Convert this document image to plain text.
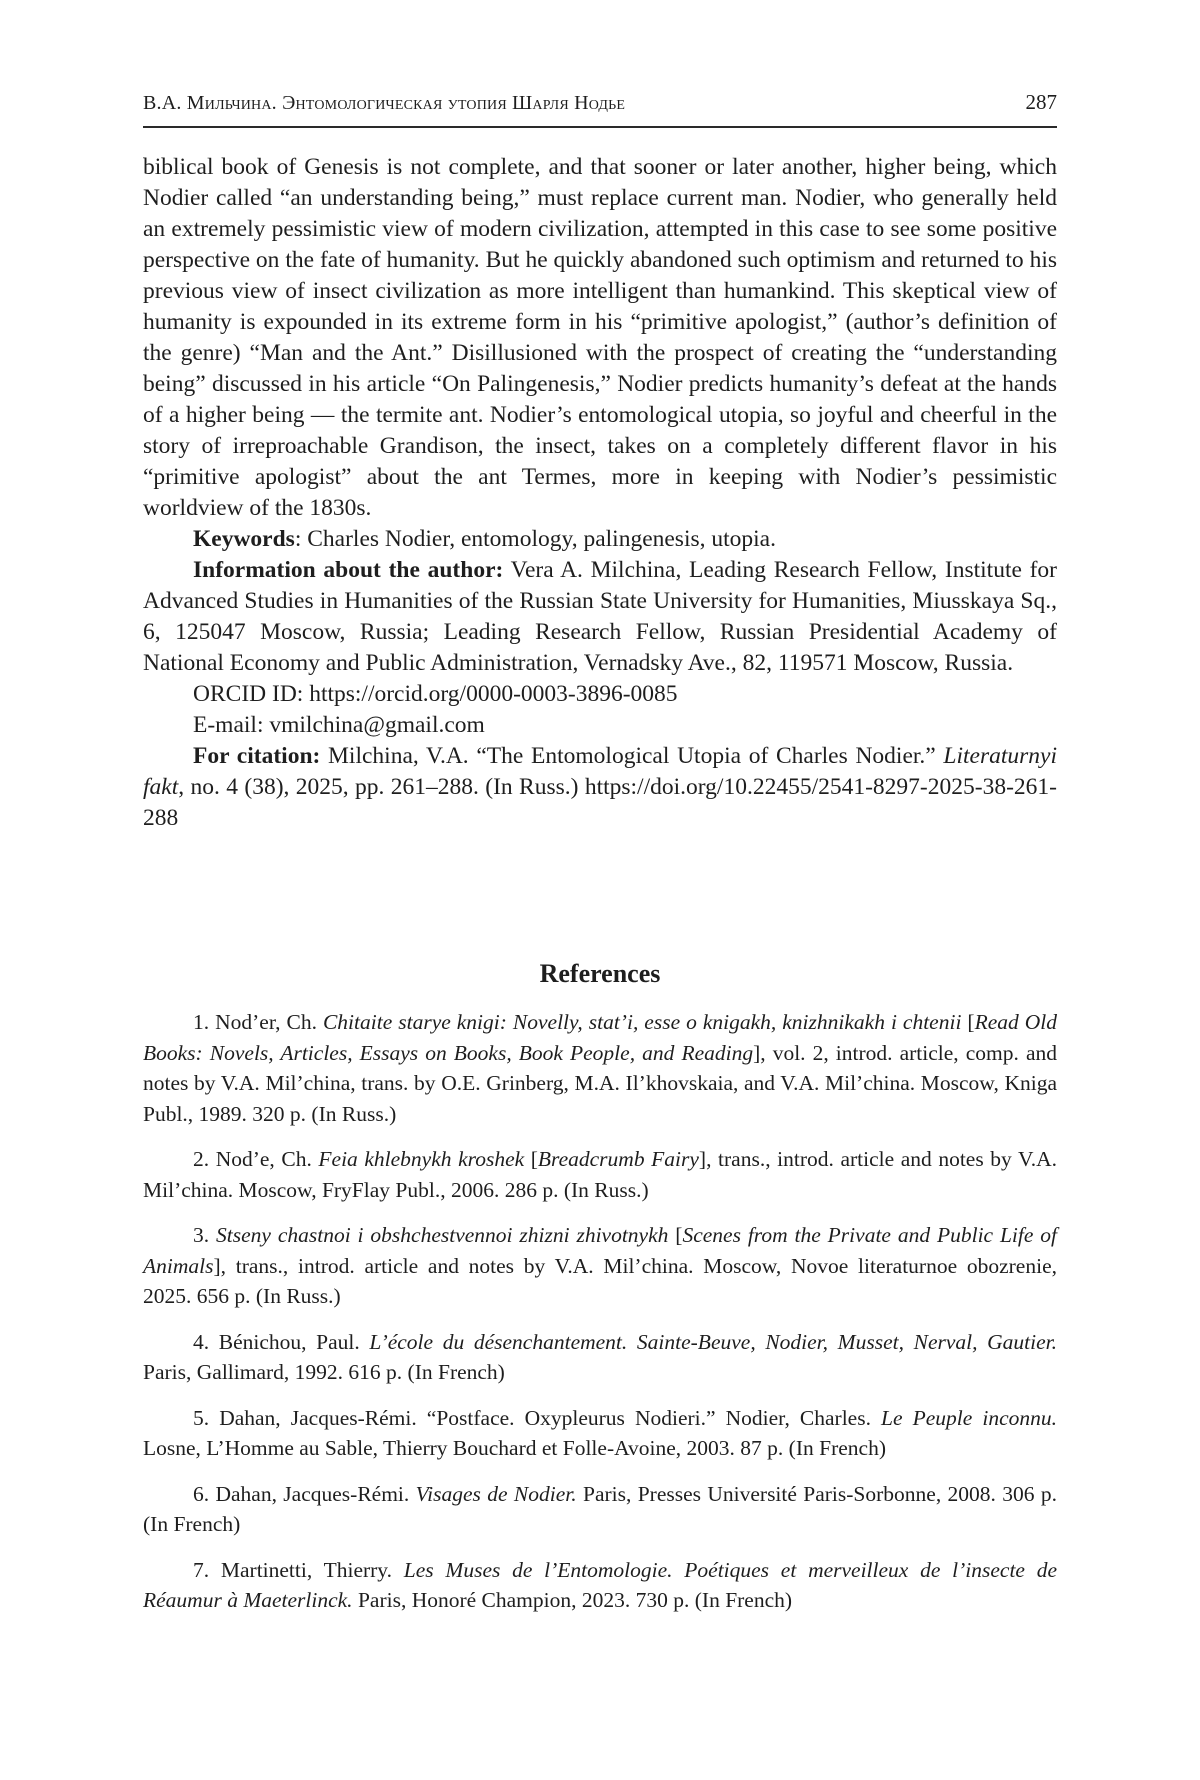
В.А. Мильчина. Энтомологическая утопия Шарля Нодье	287

biblical book of Genesis is not complete, and that sooner or later another, higher being, which Nodier called “an understanding being,” must replace current man. Nodier, who generally held an extremely pessimistic view of modern civilization, attempted in this case to see some positive perspective on the fate of humanity. But he quickly abandoned such optimism and returned to his previous view of insect civilization as more intelligent than humankind. This skeptical view of humanity is expounded in its extreme form in his “primitive apologist,” (author’s definition of the genre) “Man and the Ant.” Disillusioned with the prospect of creating the “understanding being” discussed in his article “On Palingenesis,” Nodier predicts humanity’s defeat at the hands of a higher being — the termite ant. Nodier’s entomological utopia, so joyful and cheerful in the story of irreproachable Grandison, the insect, takes on a completely different flavor in his “primitive apologist” about the ant Termes, more in keeping with Nodier’s pessimistic worldview of the 1830s.

Keywords: Charles Nodier, entomology, palingenesis, utopia.

Information about the author: Vera A. Milchina, Leading Research Fellow, Institute for Advanced Studies in Humanities of the Russian State University for Humanities, Miusskaya Sq., 6, 125047 Moscow, Russia; Leading Research Fellow, Russian Presidential Academy of National Economy and Public Administration, Vernadsky Ave., 82, 119571 Moscow, Russia.

ORCID ID: https://orcid.org/0000-0003-3896-0085

E-mail: vmilchina@gmail.com

For citation: Milchina, V.A. “The Entomological Utopia of Charles Nodier.” Literaturnyi fakt, no. 4 (38), 2025, pp. 261–288. (In Russ.) https://doi.org/10.22455/2541-8297-2025-38-261-288

References

1. Nod’er, Ch. Chitaite starye knigi: Novelly, stat’i, esse o knigakh, knizhnikakh i chtenii [Read Old Books: Novels, Articles, Essays on Books, Book People, and Reading], vol. 2, introd. article, comp. and notes by V.A. Mil’china, trans. by O.E. Grinberg, M.A. Il’khovskaia, and V.A. Mil’china. Moscow, Kniga Publ., 1989. 320 p. (In Russ.)

2. Nod’e, Ch. Feia khlebnykh kroshek [Breadcrumb Fairy], trans., introd. article and notes by V.A. Mil’china. Moscow, FryFlay Publ., 2006. 286 p. (In Russ.)

3. Stseny chastnoi i obshchestvennoi zhizni zhivotnykh [Scenes from the Private and Public Life of Animals], trans., introd. article and notes by V.A. Mil’china. Moscow, Novoe literaturnoe obozrenie, 2025. 656 p. (In Russ.)

4. Bénichou, Paul. L’école du désenchantement. Sainte-Beuve, Nodier, Musset, Nerval, Gautier. Paris, Gallimard, 1992. 616 p. (In French)

5. Dahan, Jacques-Rémi. “Postface. Oxypleurus Nodieri.” Nodier, Charles. Le Peuple inconnu. Losne, L’Homme au Sable, Thierry Bouchard et Folle-Avoine, 2003. 87 p. (In French)

6. Dahan, Jacques-Rémi. Visages de Nodier. Paris, Presses Université Paris-Sorbonne, 2008. 306 p. (In French)

7. Martinetti, Thierry. Les Muses de l’Entomologie. Poétiques et merveilleux de l’insecte de Réaumur à Maeterlinck. Paris, Honoré Champion, 2023. 730 p. (In French)
